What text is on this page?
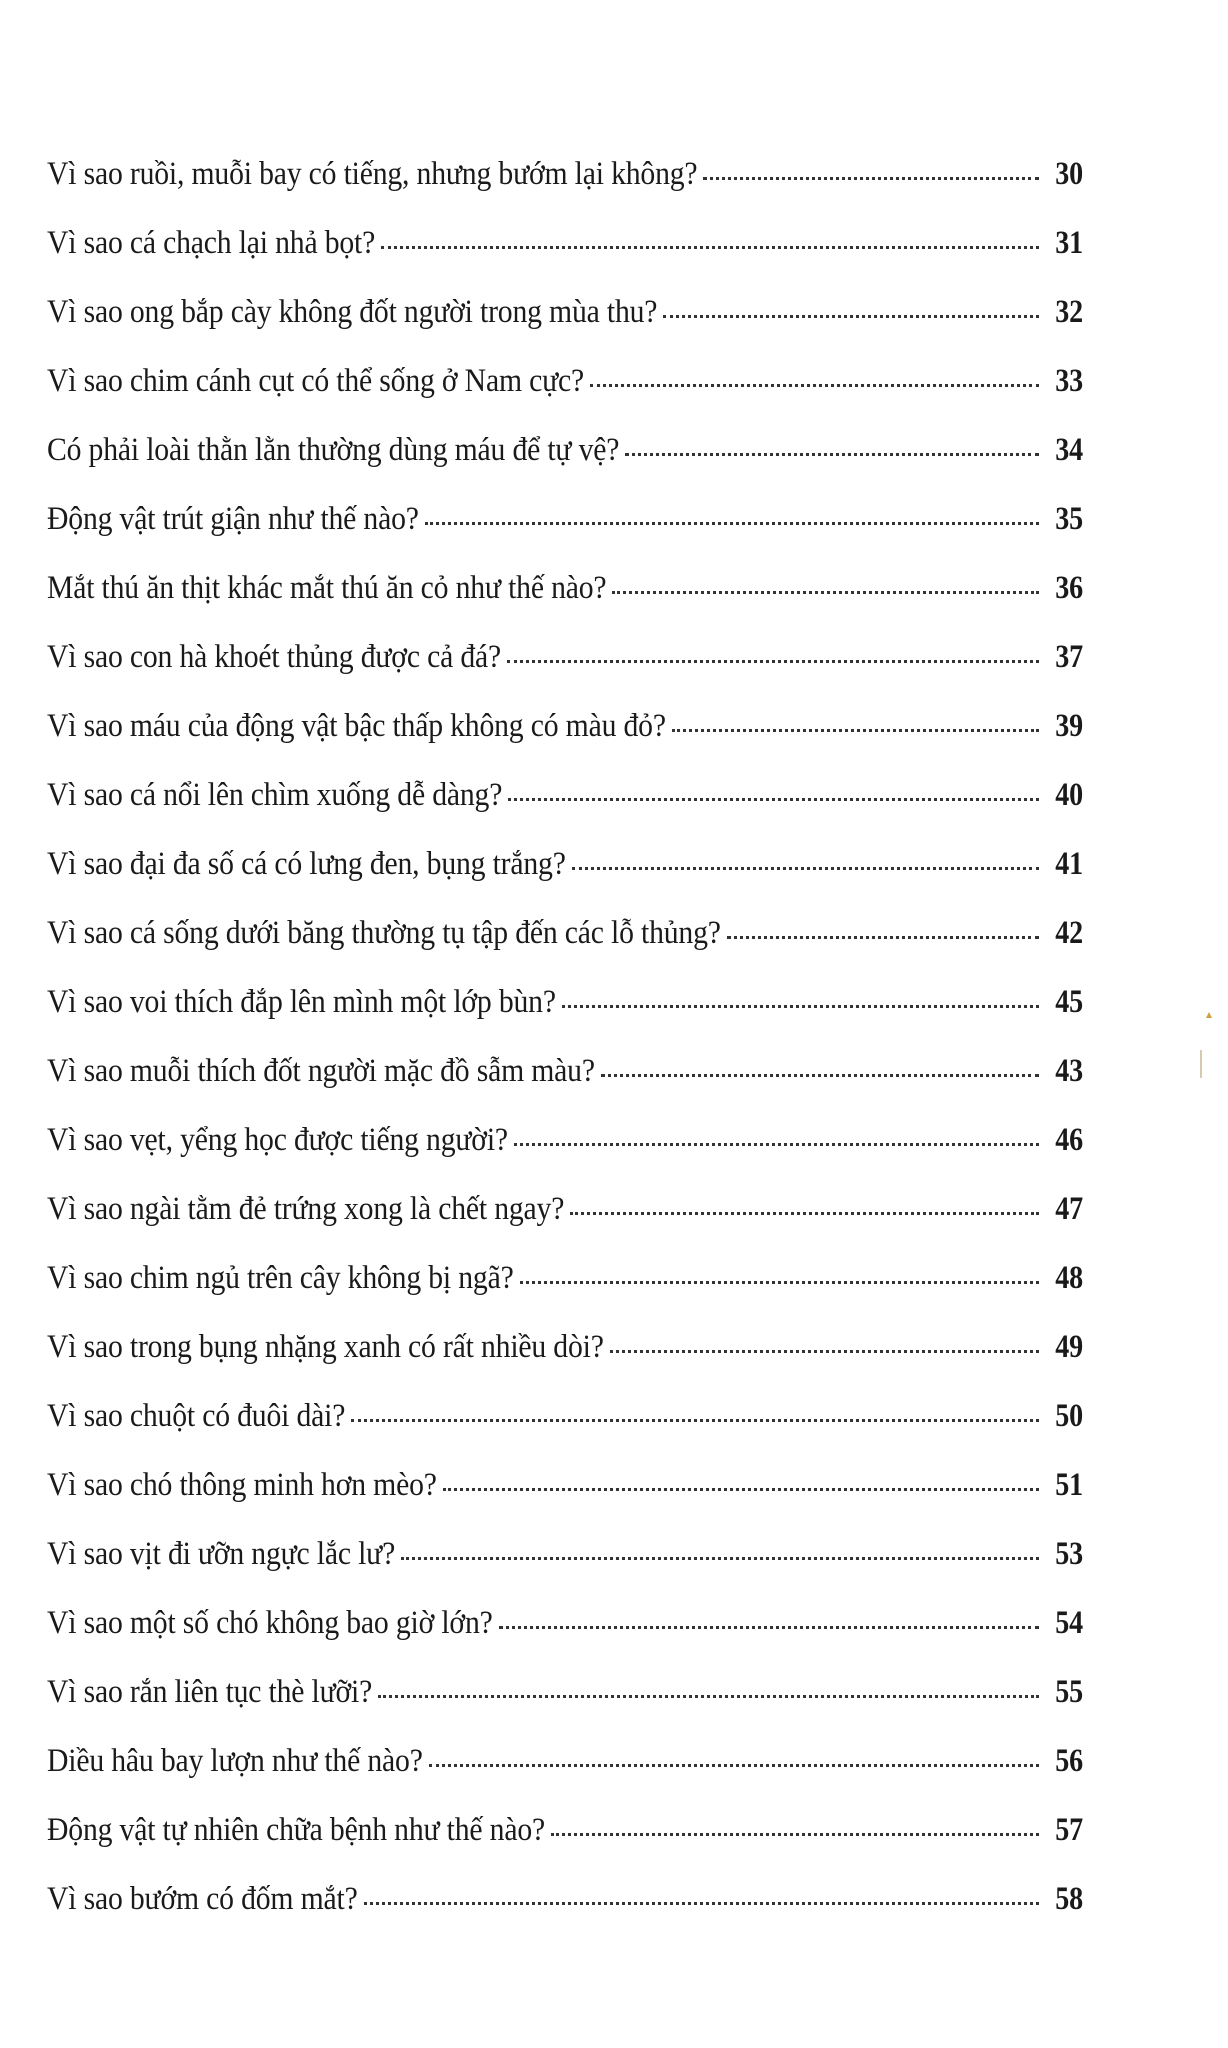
Vì sao ruồi, muỗi bay có tiếng, nhưng bướm lại không?	30
Vì sao cá chạch lại nhả bọt?	31
Vì sao ong bắp cày không đốt người trong mùa thu?	32
Vì sao chim cánh cụt có thể sống ở Nam cực?	33
Có phải loài thằn lằn thường dùng máu để tự vệ?	34
Động vật trút giận như thế nào?	35
Mắt thú ăn thịt khác mắt thú ăn cỏ như thế nào?	36
Vì sao con hà khoét thủng được cả đá?	37
Vì sao máu của động vật bậc thấp không có màu đỏ?	39
Vì sao cá nổi lên chìm xuống dễ dàng?	40
Vì sao đại đa số cá có lưng đen, bụng trắng?	41
Vì sao cá sống dưới băng thường tụ tập đến các lỗ thủng?	42
Vì sao voi thích đắp lên mình một lớp bùn?	45
Vì sao muỗi thích đốt người mặc đồ sẫm màu?	43
Vì sao vẹt, yểng học được tiếng người?	46
Vì sao ngài tằm đẻ trứng xong là chết ngay?	47
Vì sao chim ngủ trên cây không bị ngã?	48
Vì sao trong bụng nhặng xanh có rất nhiều dòi?	49
Vì sao chuột có đuôi dài?	50
Vì sao chó thông minh hơn mèo?	51
Vì sao vịt đi ưỡn ngực lắc lư?	53
Vì sao một số chó không bao giờ lớn?	54
Vì sao rắn liên tục thè lưỡi?	55
Diều hâu bay lượn như thế nào?	56
Động vật tự nhiên chữa bệnh như thế nào?	57
Vì sao bướm có đốm mắt?	58
